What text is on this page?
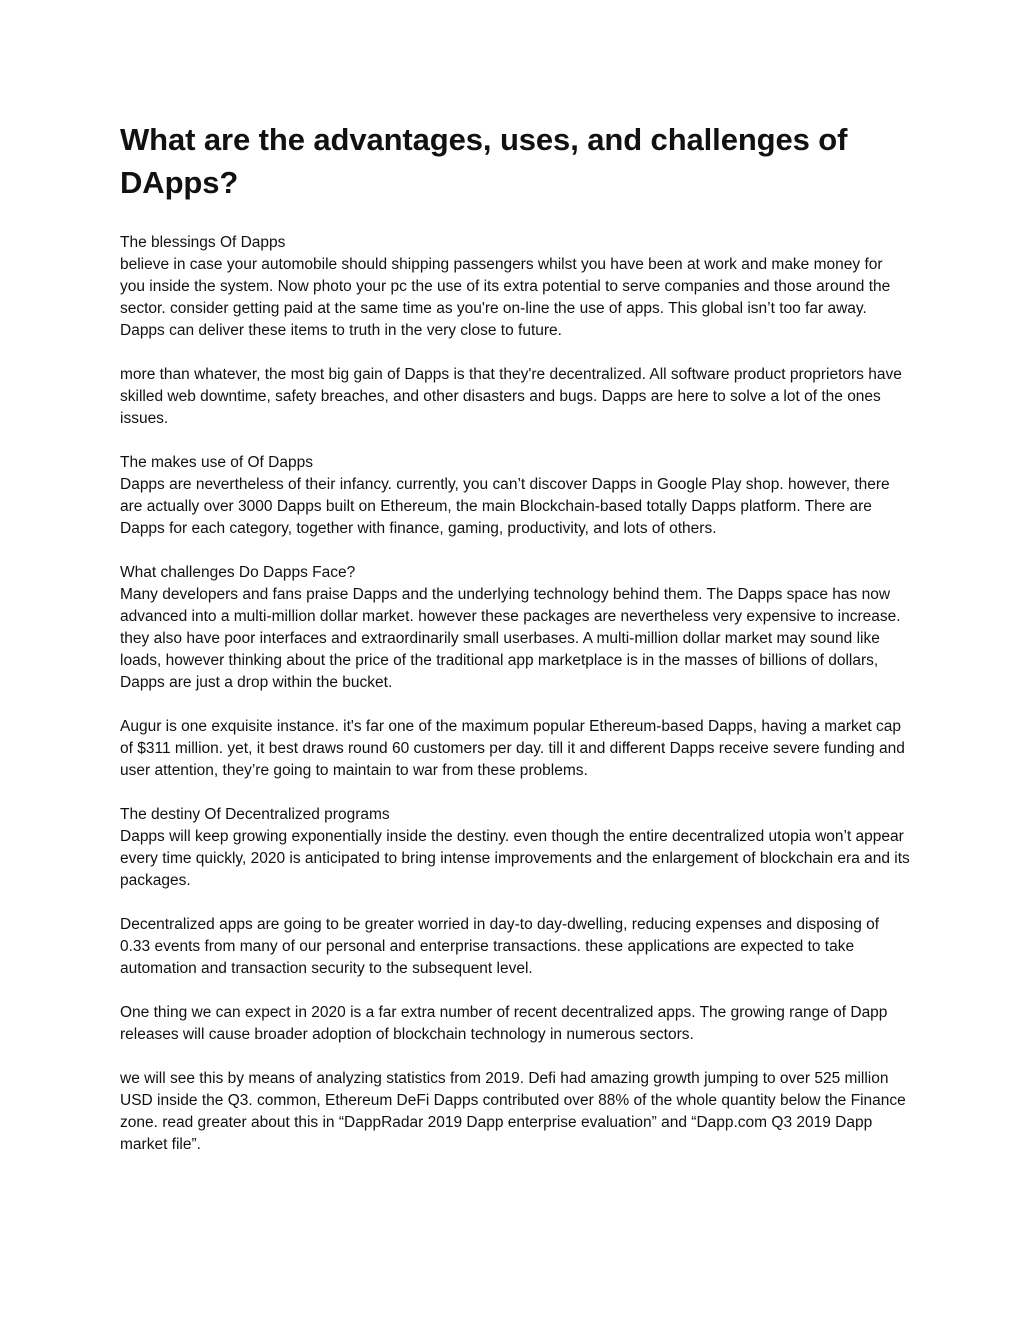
What are the advantages, uses, and challenges of DApps?
The blessings Of Dapps
believe in case your automobile should shipping passengers whilst you have been at work and make money for you inside the system. Now photo your pc the use of its extra potential to serve companies and those around the sector. consider getting paid at the same time as you're on-line the use of apps. This global isn’t too far away. Dapps can deliver these items to truth in the very close to future.
more than whatever, the most big gain of Dapps is that they're decentralized. All software product proprietors have skilled web downtime, safety breaches, and other disasters and bugs. Dapps are here to solve a lot of the ones issues.
The makes use of Of Dapps
Dapps are nevertheless of their infancy. currently, you can’t discover Dapps in Google Play shop. however, there are actually over 3000 Dapps built on Ethereum, the main Blockchain-based totally Dapps platform. There are Dapps for each category, together with finance, gaming, productivity, and lots of others.
What challenges Do Dapps Face?
Many developers and fans praise Dapps and the underlying technology behind them. The Dapps space has now advanced into a multi-million dollar market. however these packages are nevertheless very expensive to increase. they also have poor interfaces and extraordinarily small userbases. A multi-million dollar market may sound like loads, however thinking about the price of the traditional app marketplace is in the masses of billions of dollars, Dapps are just a drop within the bucket.
Augur is one exquisite instance. it's far one of the maximum popular Ethereum-based Dapps, having a market cap of $311 million. yet, it best draws round 60 customers per day. till it and different Dapps receive severe funding and user attention, they’re going to maintain to war from these problems.
The destiny Of Decentralized programs
Dapps will keep growing exponentially inside the destiny. even though the entire decentralized utopia won’t appear every time quickly, 2020 is anticipated to bring intense improvements and the enlargement of blockchain era and its packages.
Decentralized apps are going to be greater worried in day-to day-dwelling, reducing expenses and disposing of 0.33 events from many of our personal and enterprise transactions. these applications are expected to take automation and transaction security to the subsequent level.
One thing we can expect in 2020 is a far extra number of recent decentralized apps. The growing range of Dapp releases will cause broader adoption of blockchain technology in numerous sectors.
we will see this by means of analyzing statistics from 2019. Defi had amazing growth jumping to over 525 million USD inside the Q3. common, Ethereum DeFi Dapps contributed over 88% of the whole quantity below the Finance zone. read greater about this in “DappRadar 2019 Dapp enterprise evaluation” and “Dapp.com Q3 2019 Dapp market file”.
